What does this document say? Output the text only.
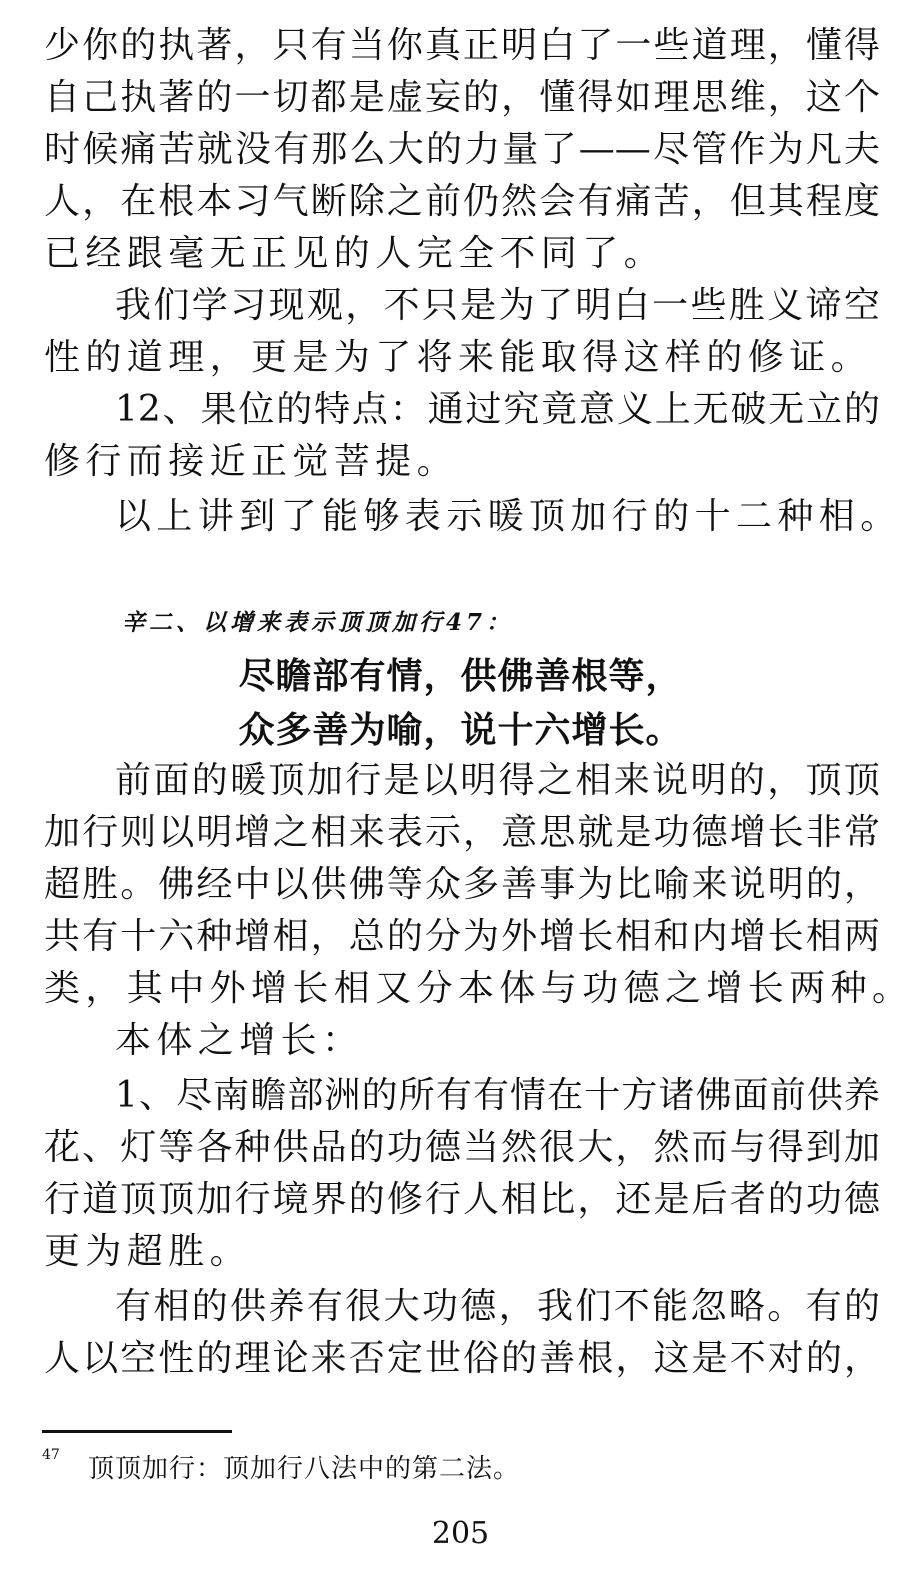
少你的执著，只有当你真正明白了一些道理，懂得
自己执著的一切都是虚妄的，懂得如理思维，这个
时候痛苦就没有那么大的力量了——尽管作为凡夫
人，在根本习气断除之前仍然会有痛苦，但其程度
已经跟毫无正见的人完全不同了。
我们学习现观，不只是为了明白一些胜义谛空
性的道理，更是为了将来能取得这样的修证。
12、果位的特点：通过究竟意义上无破无立的
修行而接近正觉菩提。
以上讲到了能够表示暖顶加行的十二种相。
辛二、以增来表示顶顶加行47：
尽瞻部有情，供佛善根等，
众多善为喻，说十六增长。
前面的暖顶加行是以明得之相来说明的，顶顶
加行则以明增之相来表示，意思就是功德增长非常
超胜。佛经中以供佛等众多善事为比喻来说明的，
共有十六种增相，总的分为外增长相和内增长相两
类，其中外增长相又分本体与功德之增长两种。
本体之增长：
1、尽南瞻部洲的所有有情在十方诸佛面前供养
花、灯等各种供品的功德当然很大，然而与得到加
行道顶顶加行境界的修行人相比，还是后者的功德
更为超胜。
有相的供养有很大功德，我们不能忽略。有的
人以空性的理论来否定世俗的善根，这是不对的，
47 顶顶加行：顶加行八法中的第二法。
205
